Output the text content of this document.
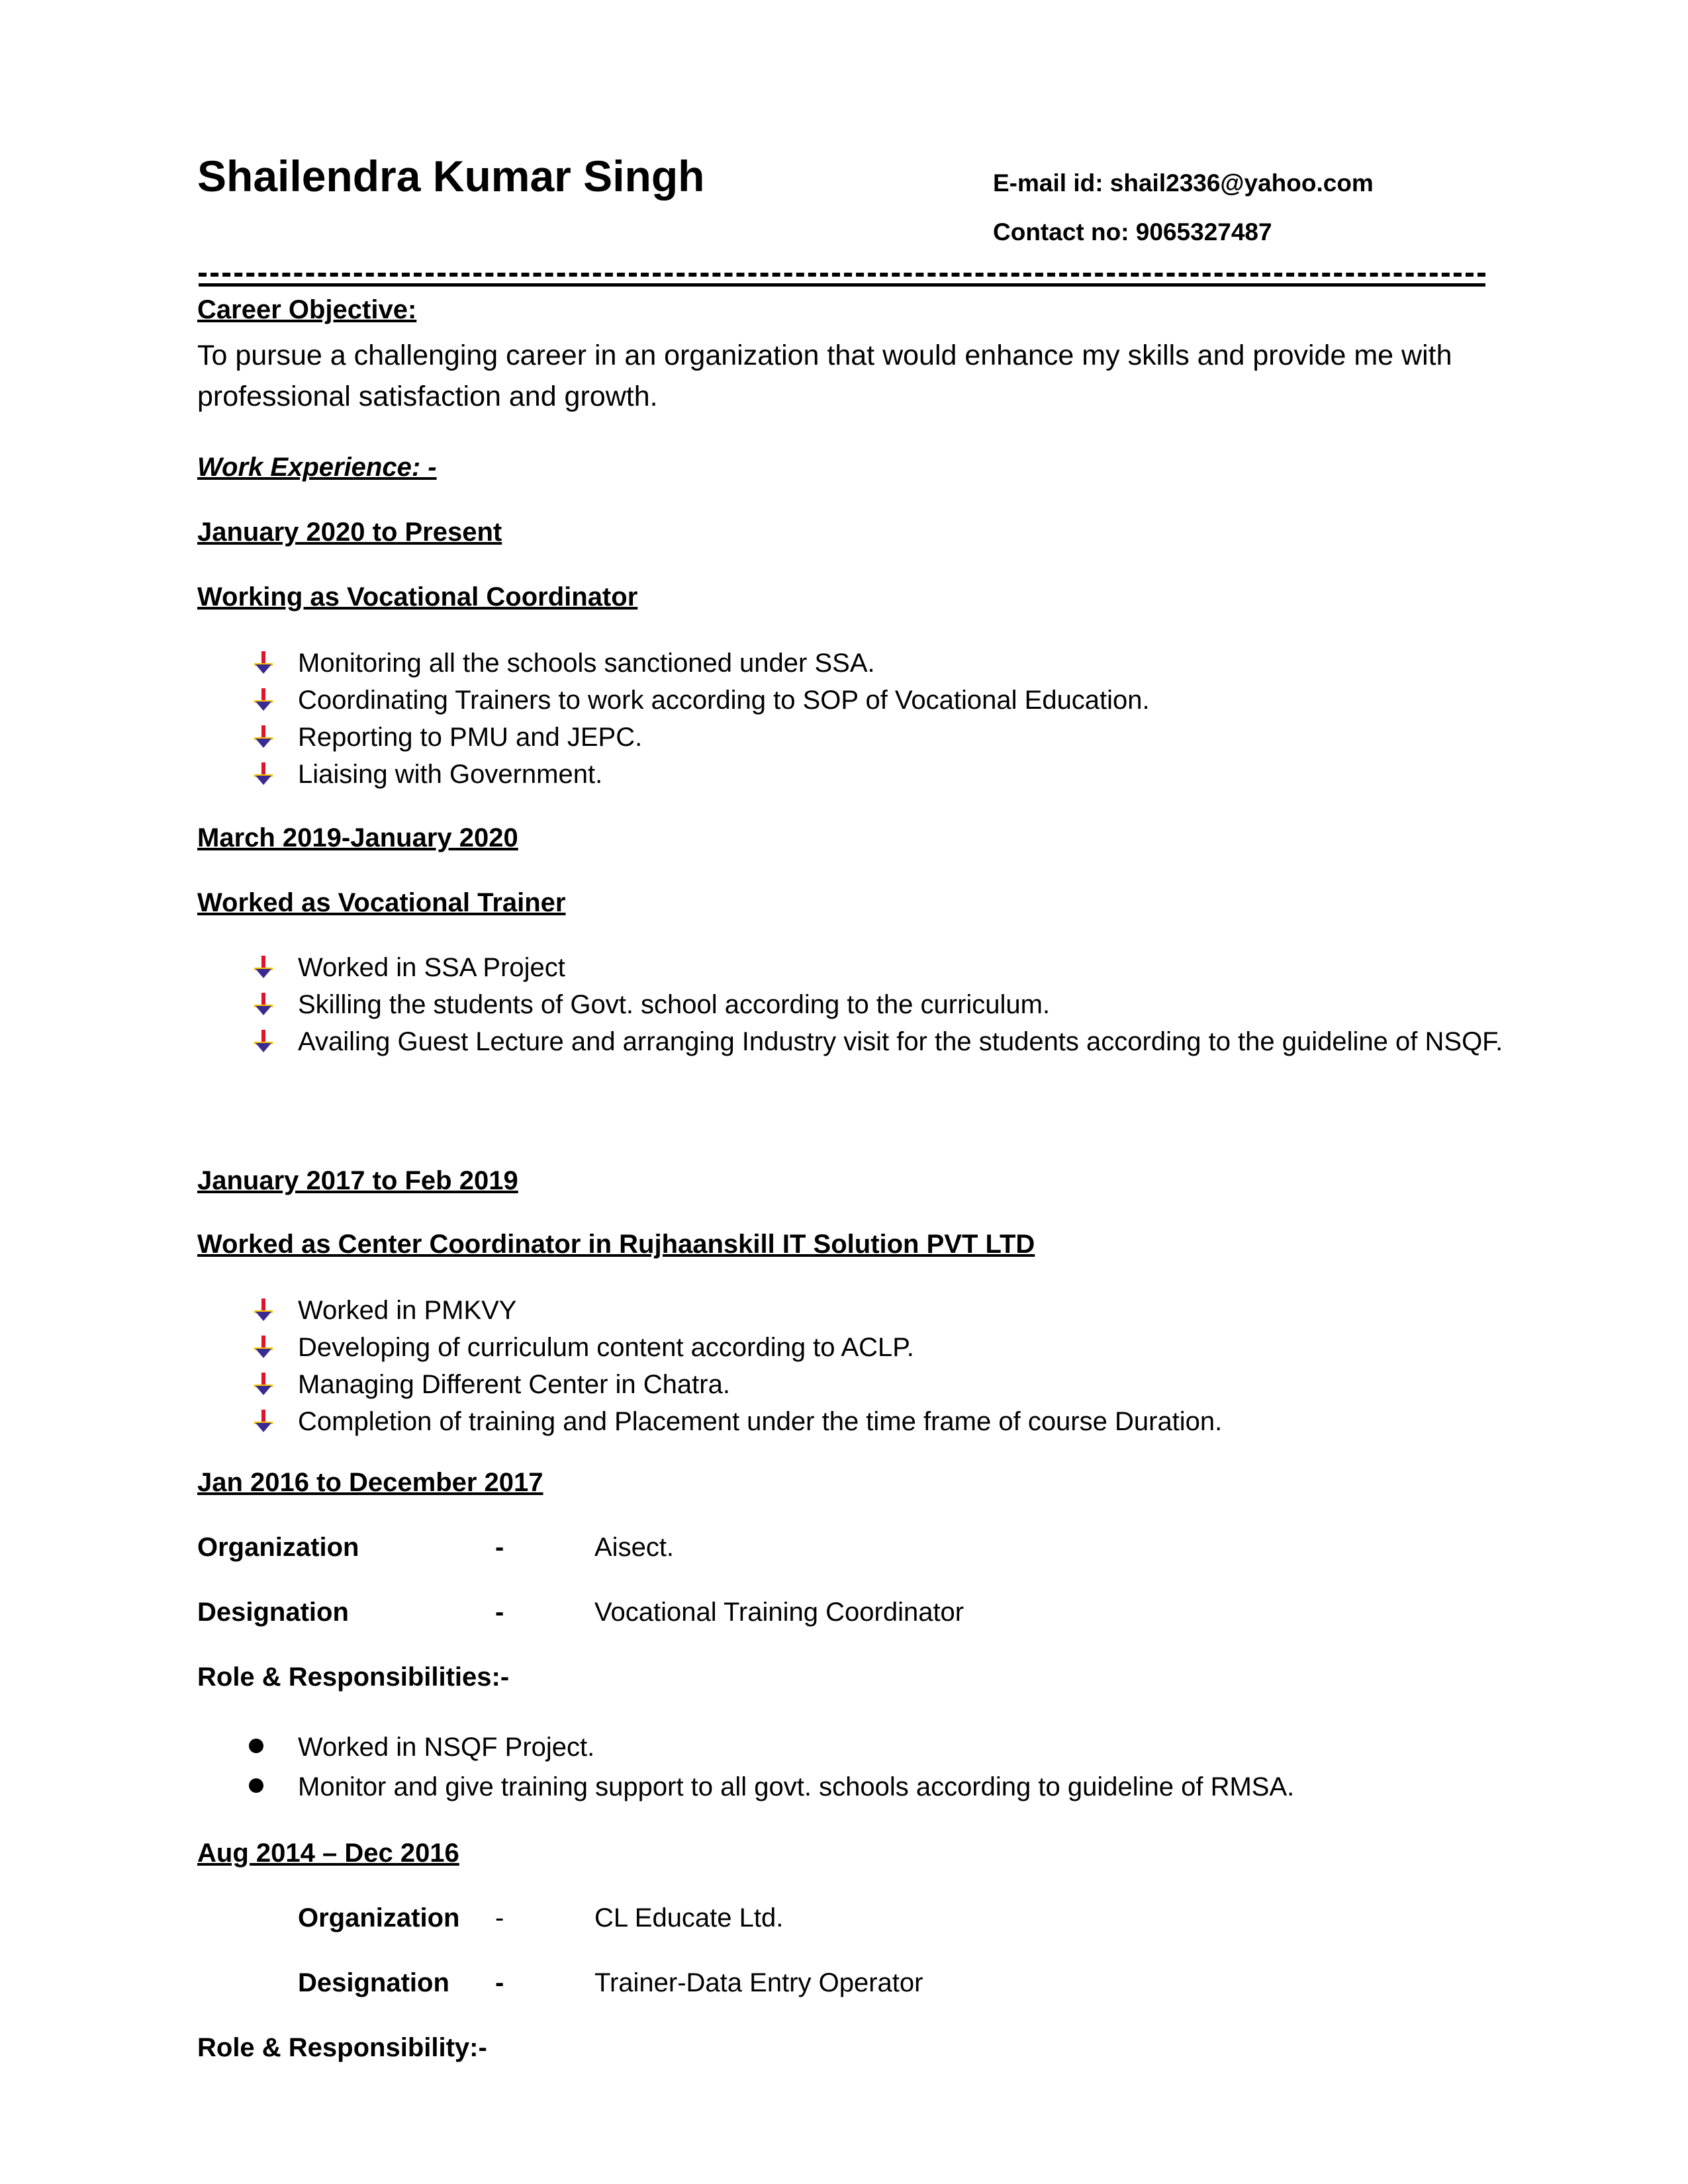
Shailendra Kumar Singh	E-mail id: shail2336@yahoo.com
Contact no: 9065327487
Career Objective:
To pursue a challenging career in an organization that would enhance my skills and provide me with professional satisfaction and growth.
Work Experience: -
January 2020 to Present
Working as Vocational Coordinator
Monitoring all the schools sanctioned under SSA.
Coordinating Trainers to work according to SOP of Vocational Education.
Reporting to PMU and JEPC.
Liaising with Government.
March 2019-January 2020
Worked as Vocational Trainer
Worked in SSA Project
Skilling the students of Govt. school according to the curriculum.
Availing Guest Lecture and arranging Industry visit for the students according to the guideline of NSQF.
January 2017 to Feb 2019
Worked as Center Coordinator in Rujhaanskill IT Solution PVT LTD
Worked in PMKVY
Developing of curriculum content according to ACLP.
Managing Different Center in Chatra.
Completion of training and Placement under the time frame of course Duration.
Jan 2016 to December 2017
Organization	-	Aisect.
Designation	-	Vocational Training Coordinator
Role & Responsibilities:-
Worked in NSQF Project.
Monitor and give training support to all govt. schools according to guideline of RMSA.
Aug 2014 – Dec 2016
Organization -	CL Educate Ltd.
Designation -	Trainer-Data Entry Operator
Role & Responsibility:-
